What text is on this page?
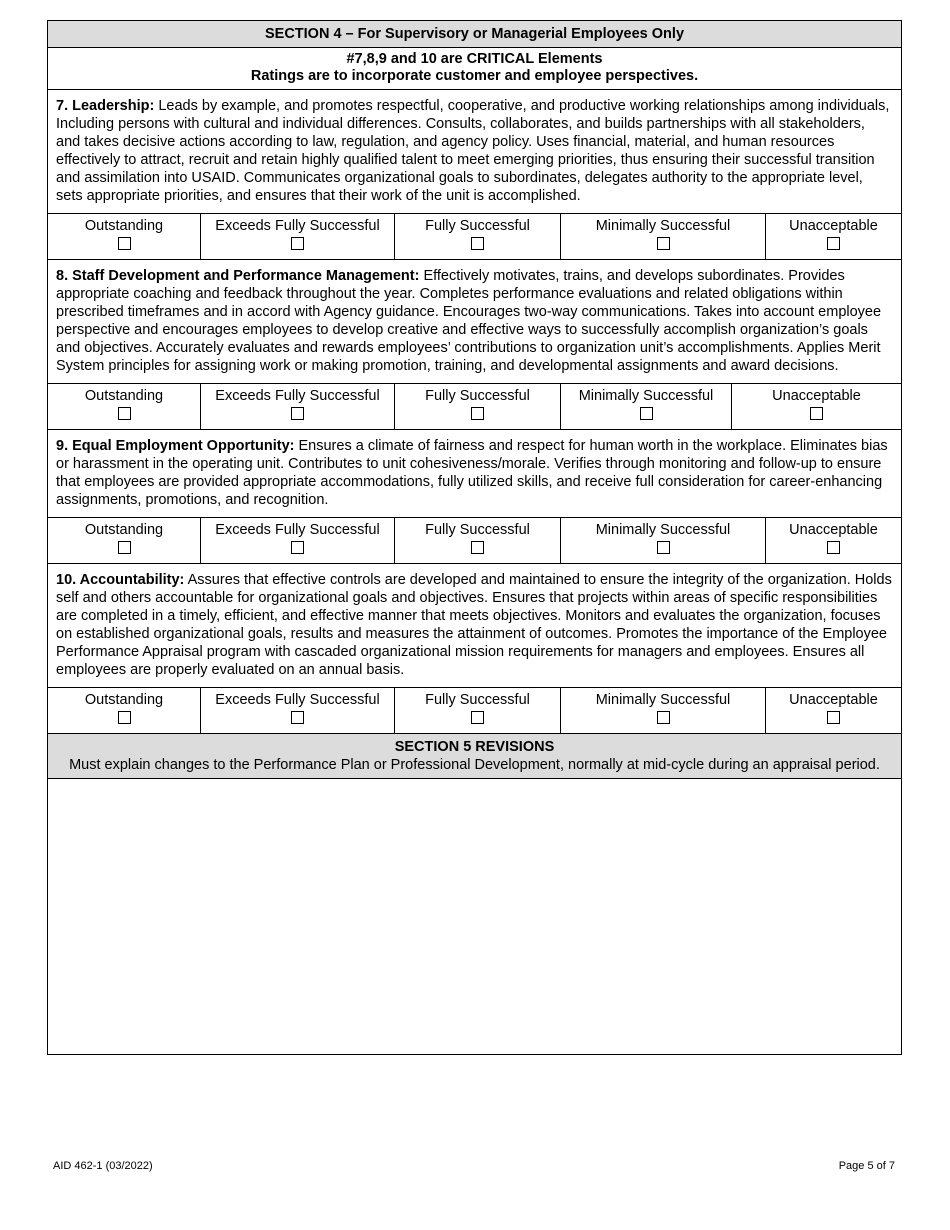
SECTION 4 – For Supervisory or Managerial Employees Only
#7,8,9 and 10 are CRITICAL Elements
Ratings are to incorporate customer and employee perspectives.
7. Leadership: Leads by example, and promotes respectful, cooperative, and productive working relationships among individuals, Including persons with cultural and individual differences. Consults, collaborates, and builds partnerships with all stakeholders, and takes decisive actions according to law, regulation, and agency policy. Uses financial, material, and human resources effectively to attract, recruit and retain highly qualified talent to meet emerging priorities, thus ensuring their successful transition and assimilation into USAID. Communicates organizational goals to subordinates, delegates authority to the appropriate level, sets appropriate priorities, and ensures that their work of the unit is accomplished.
Outstanding	Exceeds Fully Successful	Fully Successful	Minimally Successful	Unacceptable
8. Staff Development and Performance Management: Effectively motivates, trains, and develops subordinates. Provides appropriate coaching and feedback throughout the year. Completes performance evaluations and related obligations within prescribed timeframes and in accord with Agency guidance. Encourages two-way communications. Takes into account employee perspective and encourages employees to develop creative and effective ways to successfully accomplish organization’s goals and objectives. Accurately evaluates and rewards employees’ contributions to organization unit’s accomplishments. Applies Merit System principles for assigning work or making promotion, training, and developmental assignments and award decisions.
Outstanding	Exceeds Fully Successful	Fully Successful	Minimally Successful	Unacceptable
9. Equal Employment Opportunity: Ensures a climate of fairness and respect for human worth in the workplace. Eliminates bias or harassment in the operating unit. Contributes to unit cohesiveness/morale. Verifies through monitoring and follow-up to ensure that employees are provided appropriate accommodations, fully utilized skills, and receive full consideration for career-enhancing assignments, promotions, and recognition.
Outstanding	Exceeds Fully Successful	Fully Successful	Minimally Successful	Unacceptable
10. Accountability: Assures that effective controls are developed and maintained to ensure the integrity of the organization. Holds self and others accountable for organizational goals and objectives. Ensures that projects within areas of specific responsibilities are completed in a timely, efficient, and effective manner that meets objectives. Monitors and evaluates the organization, focuses on established organizational goals, results and measures the attainment of outcomes. Promotes the importance of the Employee Performance Appraisal program with cascaded organizational mission requirements for managers and employees. Ensures all employees are properly evaluated on an annual basis.
Outstanding	Exceeds Fully Successful	Fully Successful	Minimally Successful	Unacceptable
SECTION 5 REVISIONS
Must explain changes to the Performance Plan or Professional Development, normally at mid-cycle during an appraisal period.
AID 462-1 (03/2022)	Page 5 of 7
